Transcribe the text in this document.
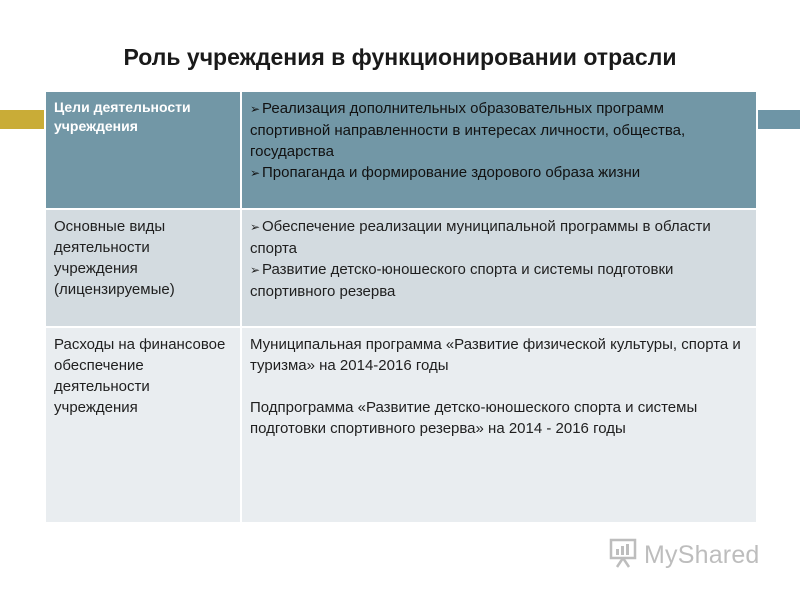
Роль учреждения в функционировании отрасли
Цели деятельности учреждения	➢ Реализация дополнительных образовательных программ спортивной направленности в интересах личности, общества, государства
➢ Пропаганда и формирование здорового образа жизни

Основные виды деятельности учреждения (лицензируемые)	➢ Обеспечение реализации муниципальной программы в области спорта
➢ Развитие детско-юношеского спорта и системы подготовки спортивного резерва

Расходы на финансовое обеспечение деятельности учреждения	Муниципальная программа «Развитие физической культуры, спорта и туризма» на 2014-2016 годы
Подпрограмма «Развитие детско-юношеского спорта и системы подготовки спортивного резерва» на 2014 - 2016 годы
MyShared
